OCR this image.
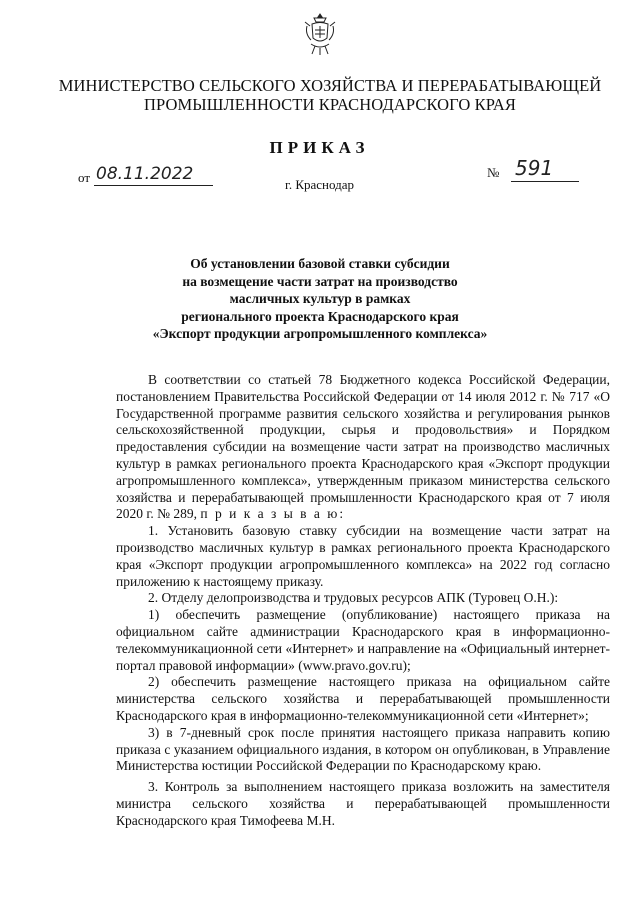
МИНИСТЕРСТВО СЕЛЬСКОГО ХОЗЯЙСТВА И ПЕРЕРАБАТЫВАЮЩЕЙ
ПРОМЫШЛЕННОСТИ КРАСНОДАРСКОГО КРАЯ
ПРИКАЗ
от 08.11.2022	№ 591
г. Краснодар
Об установлении базовой ставки субсидии
на возмещение части затрат на производство
масличных культур в рамках
регионального проекта Краснодарского края
«Экспорт продукции агропромышленного комплекса»

В соответствии со статьей 78 Бюджетного кодекса Российской Федерации, постановлением Правительства Российской Федерации от 14 июля 2012 г. № 717 «О Государственной программе развития сельского хозяйства и регулирования рынков сельскохозяйственной продукции, сырья и продовольствия» и Порядком предоставления субсидии на возмещение части затрат на производство масличных культур в рамках регионального проекта Краснодарского края «Экспорт продукции агропромышленного комплекса», утвержденным приказом министерства сельского хозяйства и перерабатывающей промышленности Краснодарского края от 7 июля 2020 г. № 289, п р и к а з ы в а ю:

1. Установить базовую ставку субсидии на возмещение части затрат на производство масличных культур в рамках регионального проекта Краснодарского края «Экспорт продукции агропромышленного комплекса» на 2022 год согласно приложению к настоящему приказу.

2. Отделу делопроизводства и трудовых ресурсов АПК (Туровец О.Н.):

1) обеспечить размещение (опубликование) настоящего приказа на официальном сайте администрации Краснодарского края в информационно-телекоммуникационной сети «Интернет» и направление на «Официальный интернет-портал правовой информации» (www.pravo.gov.ru);

2) обеспечить размещение настоящего приказа на официальном сайте министерства сельского хозяйства и перерабатывающей промышленности Краснодарского края в информационно-телекоммуникационной сети «Интернет»;

3) в 7-дневный срок после принятия настоящего приказа направить копию приказа с указанием официального издания, в котором он опубликован, в Управление Министерства юстиции Российской Федерации по Краснодарскому краю.

3. Контроль за выполнением настоящего приказа возложить на заместителя министра сельского хозяйства и перерабатывающей промышленности Краснодарского края Тимофеева М.Н.
